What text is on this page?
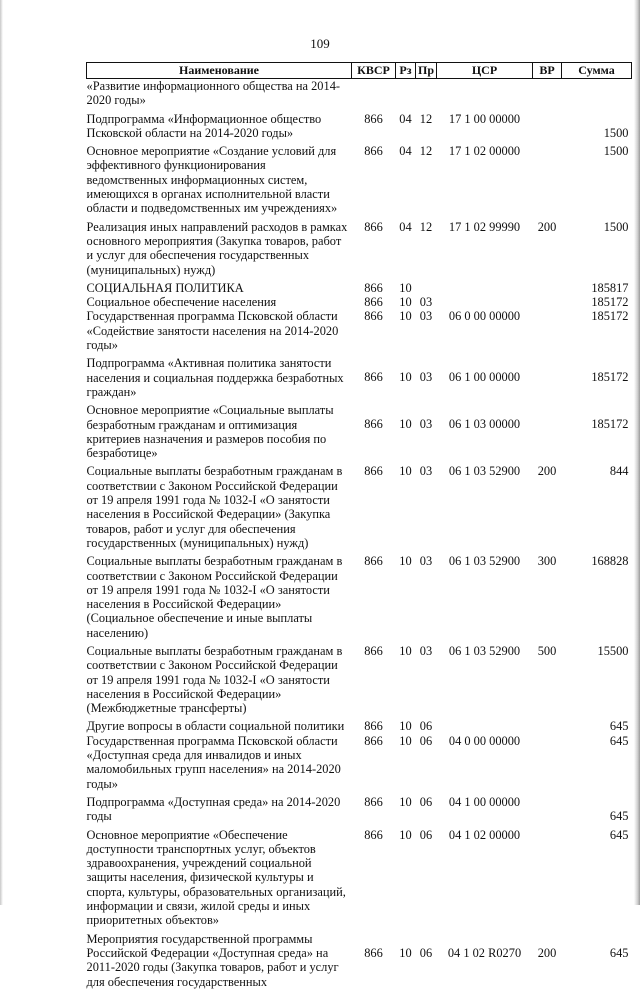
109
Наименование	КВСР	Рз	Пр	ЦСР	ВР	Сумма
«Развитие информационного общества на 2014-2020 годы»						
Подпрограмма «Информационное общество Псковской области на 2014-2020 годы»	866	04	12	17 1 00 00000		1500
Основное мероприятие «Создание условий для эффективного функционирования ведомственных информационных систем, имеющихся в органах исполнительной власти области и подведомственных им учреждениях»	866	04	12	17 1 02 00000		1500
Реализация иных направлений расходов в рамках основного мероприятия (Закупка товаров, работ и услуг для обеспечения государственных (муниципальных) нужд)	866	04	12	17 1 02 99990	200	1500
СОЦИАЛЬНАЯ ПОЛИТИКА	866	10				185817
Социальное обеспечение населения	866	10	03			185172
Государственная программа Псковской области «Содействие занятости населения на 2014-2020 годы»	866	10	03	06 0 00 00000		185172
Подпрограмма «Активная политика занятости населения и социальная поддержка безработных граждан»	866	10	03	06 1 00 00000		185172
Основное мероприятие «Социальные выплаты безработным гражданам и оптимизация критериев назначения и размеров пособия по безработице»	866	10	03	06 1 03 00000		185172
Социальные выплаты безработным гражданам в соответствии с Законом Российской Федерации от 19 апреля 1991 года № 1032-I «О занятости населения в Российской Федерации» (Закупка товаров, работ и услуг для обеспечения государственных (муниципальных) нужд)	866	10	03	06 1 03 52900	200	844
Социальные выплаты безработным гражданам в соответствии с Законом Российской Федерации от 19 апреля 1991 года № 1032-I «О занятости населения в Российской Федерации» (Социальное обеспечение и иные выплаты населению)	866	10	03	06 1 03 52900	300	168828
Социальные выплаты безработным гражданам в соответствии с Законом Российской Федерации от 19 апреля 1991 года № 1032-I «О занятости населения в Российской Федерации» (Межбюджетные трансферты)	866	10	03	06 1 03 52900	500	15500
Другие вопросы в области социальной политики	866	10	06			645
Государственная программа Псковской области «Доступная среда для инвалидов и иных маломобильных групп населения» на 2014-2020 годы»	866	10	06	04 0 00 00000		645
Подпрограмма «Доступная среда» на 2014-2020 годы	866	10	06	04 1 00 00000		645
Основное мероприятие «Обеспечение доступности транспортных услуг, объектов здравоохранения, учреждений социальной защиты населения, физической культуры и спорта, культуры, образовательных организаций, информации и связи, жилой среды и иных приоритетных объектов»	866	10	06	04 1 02 00000		645
Мероприятия государственной программы Российской Федерации «Доступная среда» на 2011-2020 годы (Закупка товаров, работ и услуг для обеспечения государственных	866	10	06	04 1 02 R0270	200	645
